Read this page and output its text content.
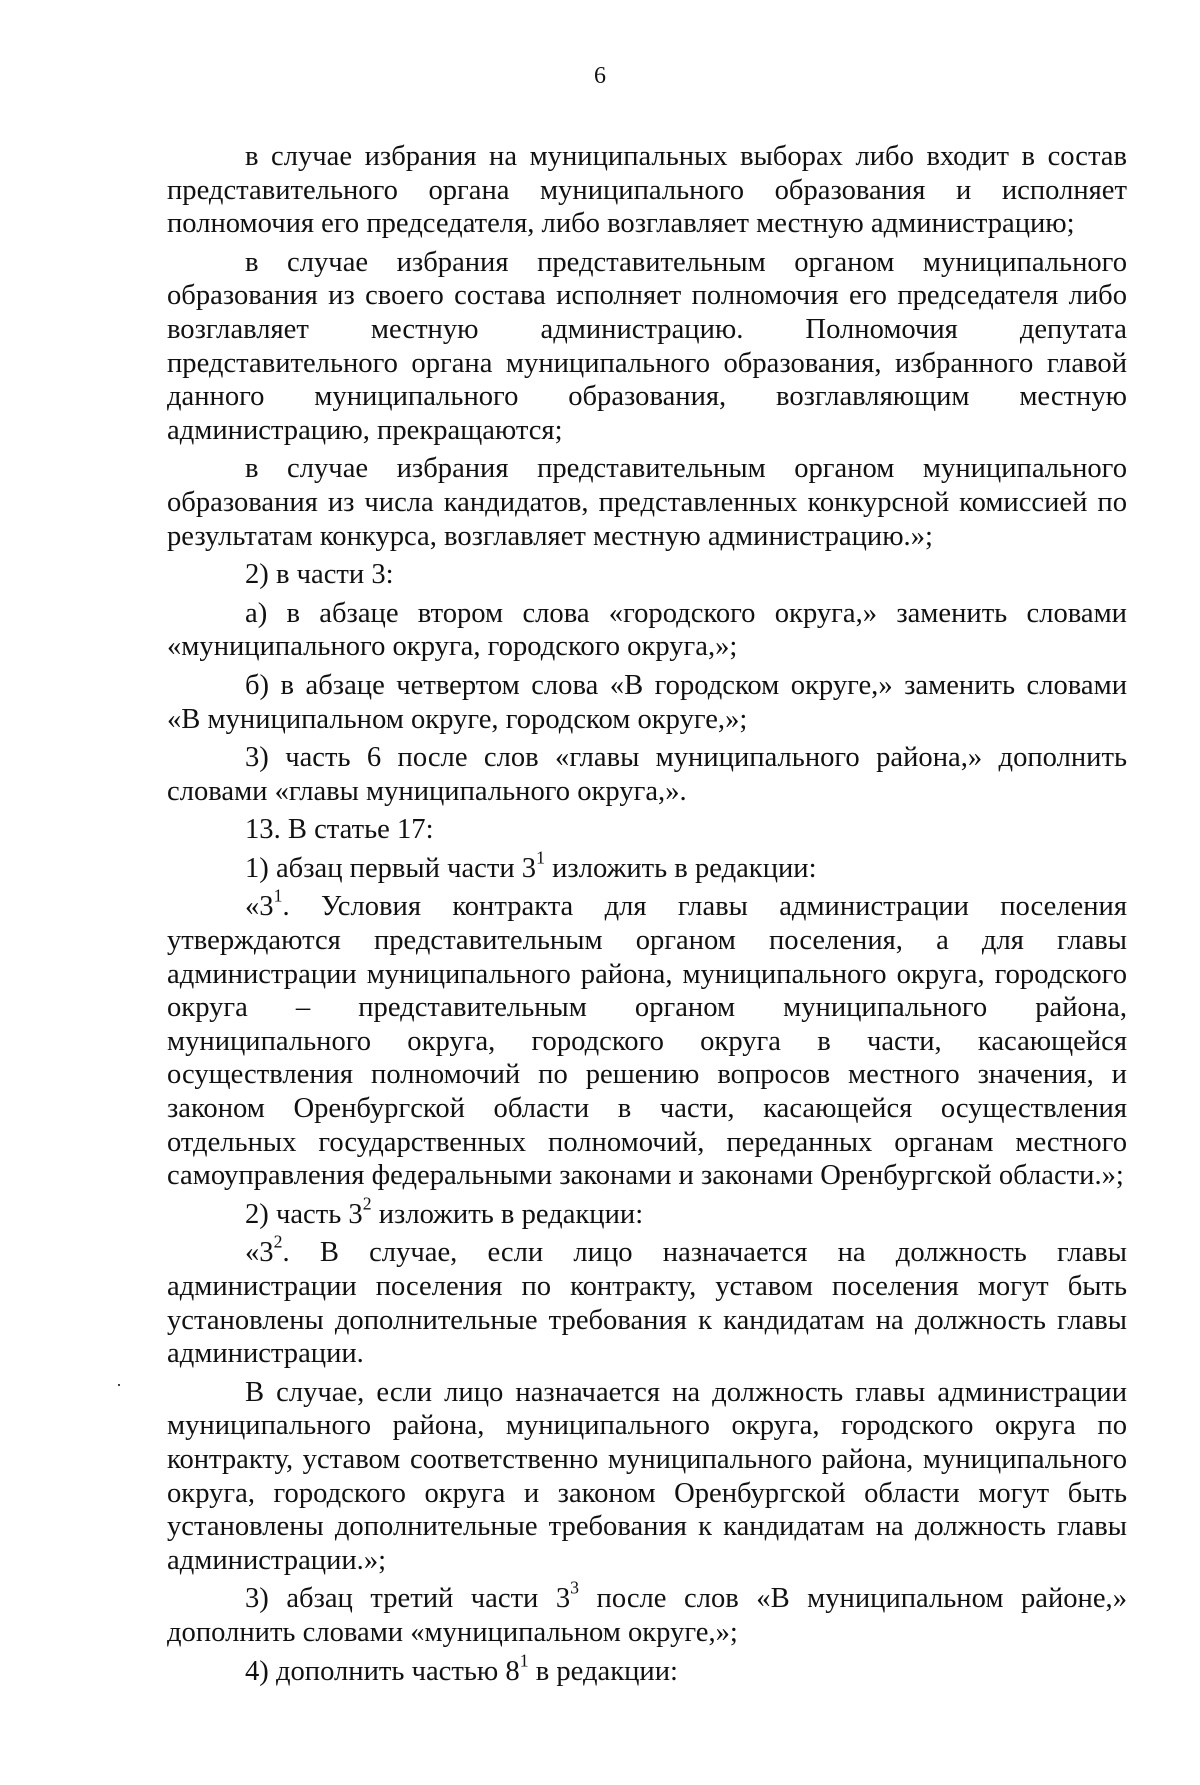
6

в случае избрания на муниципальных выборах либо входит в состав представительного органа муниципального образования и исполняет полномочия его председателя, либо возглавляет местную администрацию;

в случае избрания представительным органом муниципального образования из своего состава исполняет полномочия его председателя либо возглавляет местную администрацию. Полномочия депутата представительного органа муниципального образования, избранного главой данного муниципального образования, возглавляющим местную администрацию, прекращаются;

в случае избрания представительным органом муниципального образования из числа кандидатов, представленных конкурсной комиссией по результатам конкурса, возглавляет местную администрацию.»;

2) в части 3:

а) в абзаце втором слова «городского округа,» заменить словами «муниципального округа, городского округа,»;

б) в абзаце четвертом слова «В городском округе,» заменить словами «В муниципальном округе, городском округе,»;

3) часть 6 после слов «главы муниципального района,» дополнить словами «главы муниципального округа,».

13. В статье 17:

1) абзац первый части $3^1$ изложить в редакции:

«$3^1$. Условия контракта для главы администрации поселения утверждаются представительным органом поселения, а для главы администрации муниципального района, муниципального округа, городского округа – представительным органом муниципального района, муниципального округа, городского округа в части, касающейся осуществления полномочий по решению вопросов местного значения, и законом Оренбургской области в части, касающейся осуществления отдельных государственных полномочий, переданных органам местного самоуправления федеральными законами и законами Оренбургской области.»;

2) часть $3^2$ изложить в редакции:

«$3^2$. В случае, если лицо назначается на должность главы администрации поселения по контракту, уставом поселения могут быть установлены дополнительные требования к кандидатам на должность главы администрации.

В случае, если лицо назначается на должность главы администрации муниципального района, муниципального округа, городского округа по контракту, уставом соответственно муниципального района, муниципального округа, городского округа и законом Оренбургской области могут быть установлены дополнительные требования к кандидатам на должность главы администрации.»;

3) абзац третий части $3^3$ после слов «В муниципальном районе,» дополнить словами «муниципальном округе,»;

4) дополнить частью $8^1$ в редакции:
